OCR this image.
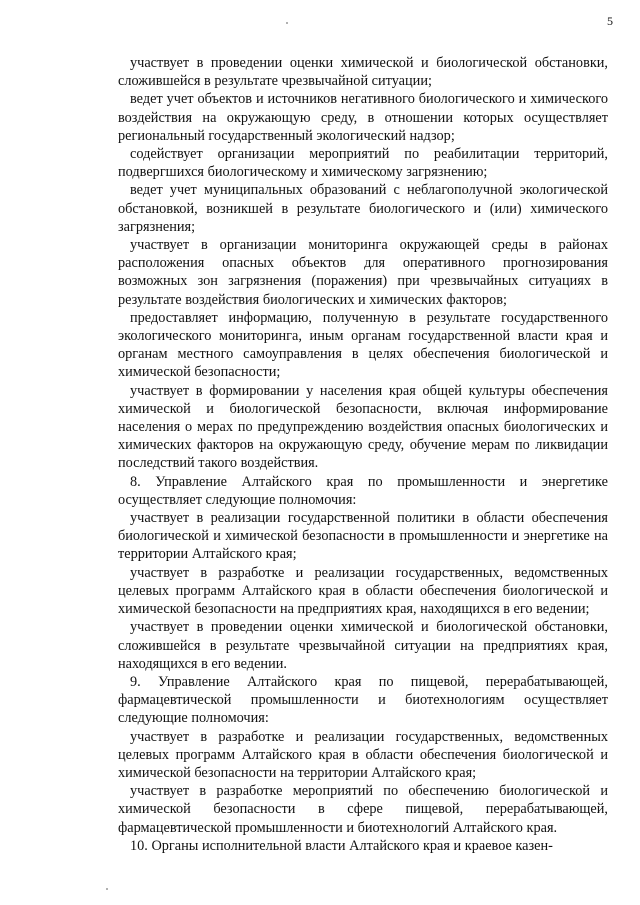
5

участвует в проведении оценки химической и биологической обстановки, сложившейся в результате чрезвычайной ситуации;

ведет учет объектов и источников негативного биологического и химического воздействия на окружающую среду, в отношении которых осуществляет региональный государственный экологический надзор;

содействует организации мероприятий по реабилитации территорий, подвергшихся биологическому и химическому загрязнению;

ведет учет муниципальных образований с неблагополучной экологической обстановкой, возникшей в результате биологического и (или) химического загрязнения;

участвует в организации мониторинга окружающей среды в районах расположения опасных объектов для оперативного прогнозирования возможных зон загрязнения (поражения) при чрезвычайных ситуациях в результате воздействия биологических и химических факторов;

предоставляет информацию, полученную в результате государственного экологического мониторинга, иным органам государственной власти края и органам местного самоуправления в целях обеспечения биологической и химической безопасности;

участвует в формировании у населения края общей культуры обеспечения химической и биологической безопасности, включая информирование населения о мерах по предупреждению воздействия опасных биологических и химических факторов на окружающую среду, обучение мерам по ликвидации последствий такого воздействия.

8. Управление Алтайского края по промышленности и энергетике осуществляет следующие полномочия:

участвует в реализации государственной политики в области обеспечения биологической и химической безопасности в промышленности и энергетике на территории Алтайского края;

участвует в разработке и реализации государственных, ведомственных целевых программ Алтайского края в области обеспечения биологической и химической безопасности на предприятиях края, находящихся в его ведении;

участвует в проведении оценки химической и биологической обстановки, сложившейся в результате чрезвычайной ситуации на предприятиях края, находящихся в его ведении.

9. Управление Алтайского края по пищевой, перерабатывающей, фармацевтической промышленности и биотехнологиям осуществляет следующие полномочия:

участвует в разработке и реализации государственных, ведомственных целевых программ Алтайского края в области обеспечения биологической и химической безопасности на территории Алтайского края;

участвует в разработке мероприятий по обеспечению биологической и химической безопасности в сфере пищевой, перерабатывающей, фармацевтической промышленности и биотехнологий Алтайского края.

10. Органы исполнительной власти Алтайского края и краевое казен-
